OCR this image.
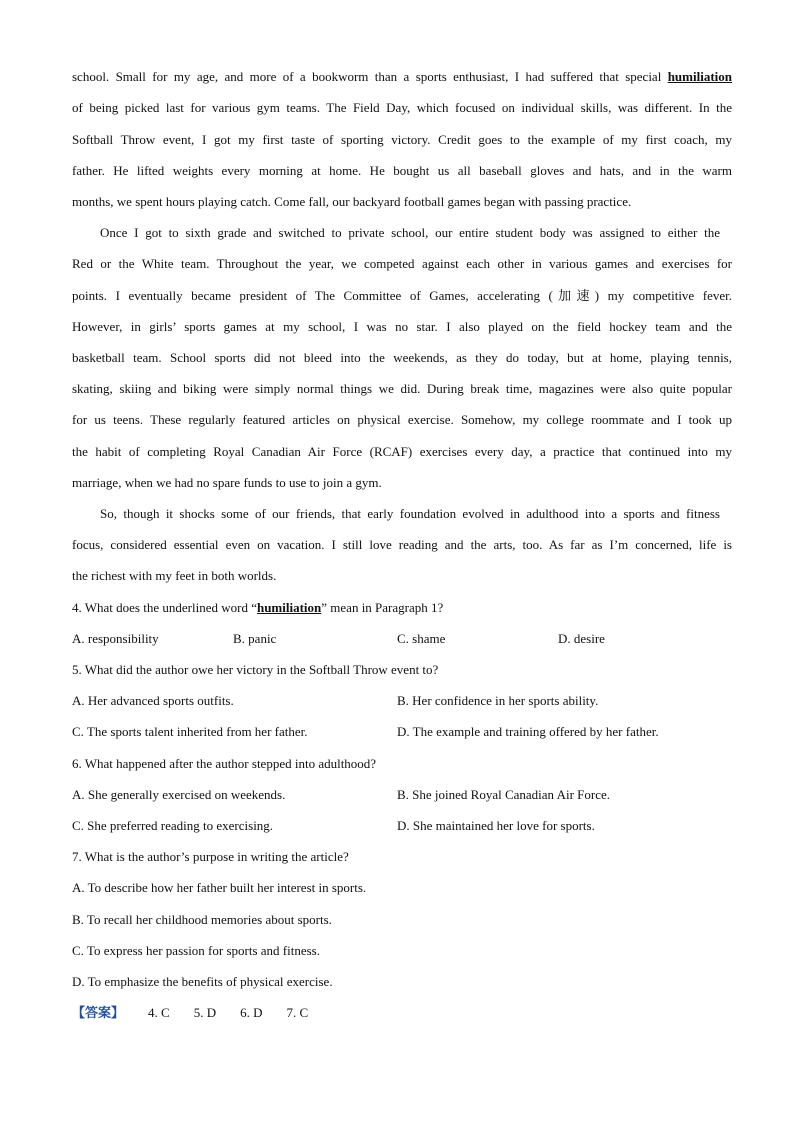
school. Small for my age, and more of a bookworm than a sports enthusiast, I had suffered that special humiliation
of being picked last for various gym teams. The Field Day, which focused on individual skills, was different. In the
Softball Throw event, I got my first taste of sporting victory. Credit goes to the example of my first coach, my
father. He lifted weights every morning at home. He bought us all baseball gloves and hats, and in the warm
months, we spent hours playing catch. Come fall, our backyard football games began with passing practice.
Once I got to sixth grade and switched to private school, our entire student body was assigned to either the
Red or the White team. Throughout the year, we competed against each other in various games and exercises for
points. I eventually became president of The Committee of Games, accelerating (加速) my competitive fever.
However, in girls’ sports games at my school, I was no star. I also played on the field hockey team and the
basketball team. School sports did not bleed into the weekends, as they do today, but at home, playing tennis,
skating, skiing and biking were simply normal things we did. During break time, magazines were also quite popular
for us teens. These regularly featured articles on physical exercise. Somehow, my college roommate and I took up
the habit of completing Royal Canadian Air Force (RCAF) exercises every day, a practice that continued into my
marriage, when we had no spare funds to use to join a gym.
So, though it shocks some of our friends, that early foundation evolved in adulthood into a sports and fitness
focus, considered essential even on vacation. I still love reading and the arts, too. As far as I’m concerned, life is
the richest with my feet in both worlds.
4. What does the underlined word “humiliation” mean in Paragraph 1?
A. responsibility	B. panic	C. shame	D. desire
5. What did the author owe her victory in the Softball Throw event to?
A. Her advanced sports outfits.	B. Her confidence in her sports ability.
C. The sports talent inherited from her father.	D. The example and training offered by her father.
6. What happened after the author stepped into adulthood?
A. She generally exercised on weekends.	B. She joined Royal Canadian Air Force.
C. She preferred reading to exercising.	D. She maintained her love for sports.
7. What is the author’s purpose in writing the article?
A. To describe how her father built her interest in sports.
B. To recall her childhood memories about sports.
C. To express her passion for sports and fitness.
D. To emphasize the benefits of physical exercise.
【答案】 4. C 5. D 6. D 7. C
